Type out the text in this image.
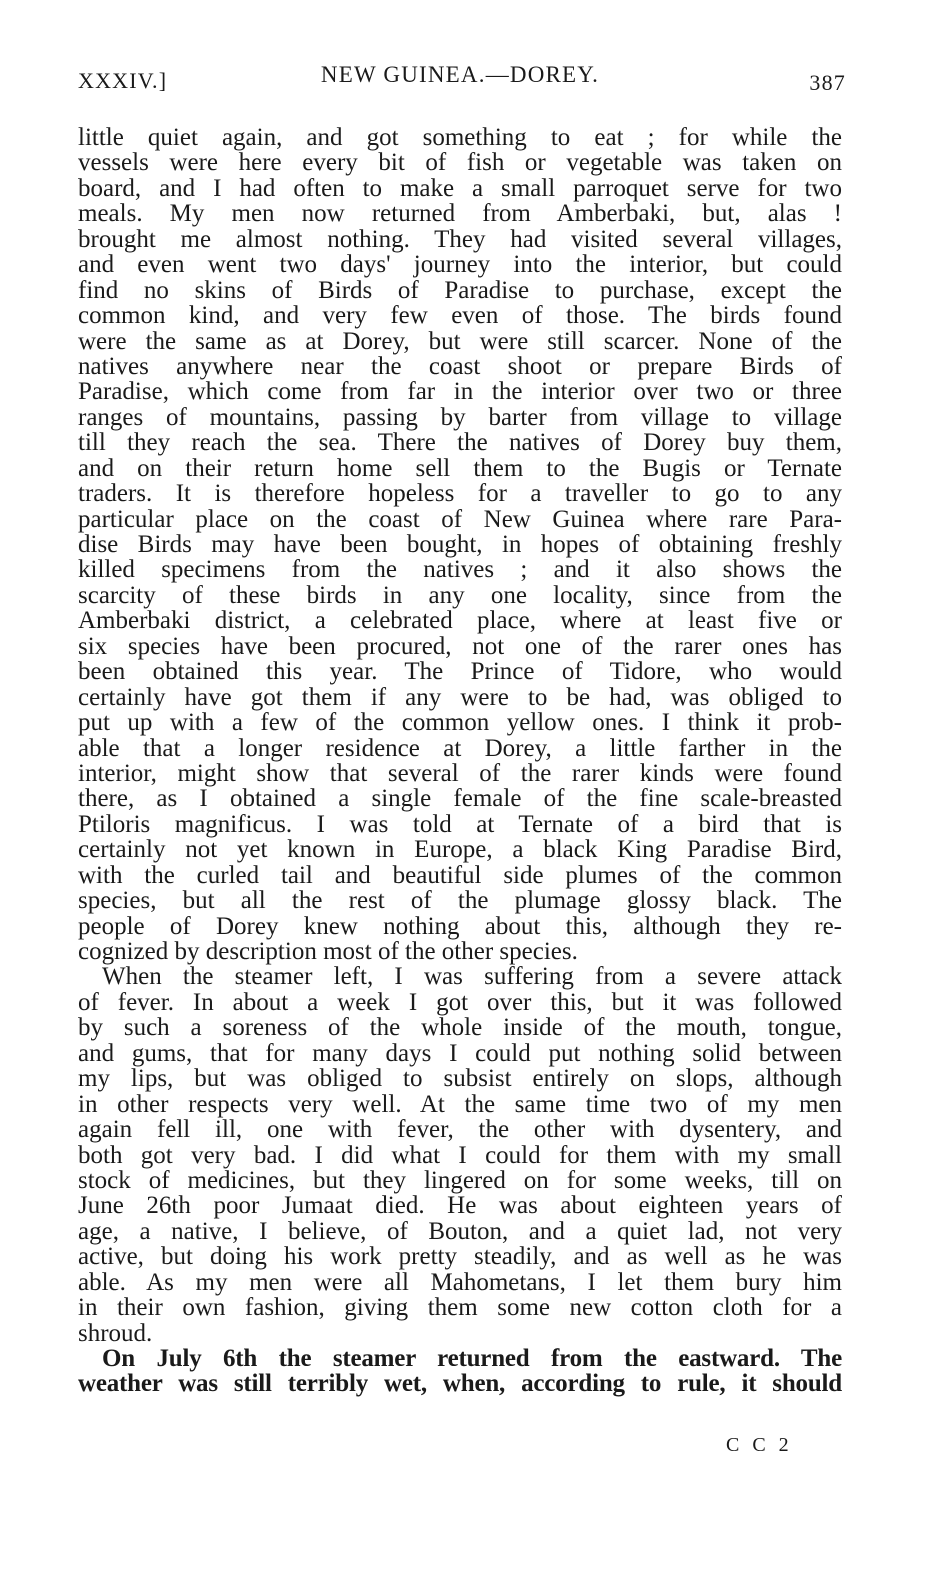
XXXIV.]	NEW GUINEA.—DOREY.	387
little quiet again, and got something to eat ; for while the
vessels were here every bit of fish or vegetable was taken on
board, and I had often to make a small parroquet serve for two
meals. My men now returned from Amberbaki, but, alas !
brought me almost nothing. They had visited several villages,
and even went two days' journey into the interior, but could
find no skins of Birds of Paradise to purchase, except the
common kind, and very few even of those. The birds found
were the same as at Dorey, but were still scarcer. None of the
natives anywhere near the coast shoot or prepare Birds of
Paradise, which come from far in the interior over two or three
ranges of mountains, passing by barter from village to village
till they reach the sea. There the natives of Dorey buy them,
and on their return home sell them to the Bugis or Ternate
traders. It is therefore hopeless for a traveller to go to any
particular place on the coast of New Guinea where rare Para-
dise Birds may have been bought, in hopes of obtaining freshly
killed specimens from the natives ; and it also shows the
scarcity of these birds in any one locality, since from the
Amberbaki district, a celebrated place, where at least five or
six species have been procured, not one of the rarer ones has
been obtained this year. The Prince of Tidore, who would
certainly have got them if any were to be had, was obliged to
put up with a few of the common yellow ones. I think it prob-
able that a longer residence at Dorey, a little farther in the
interior, might show that several of the rarer kinds were found
there, as I obtained a single female of the fine scale-breasted
Ptiloris magnificus. I was told at Ternate of a bird that is
certainly not yet known in Europe, a black King Paradise Bird,
with the curled tail and beautiful side plumes of the common
species, but all the rest of the plumage glossy black. The
people of Dorey knew nothing about this, although they re-
cognized by description most of the other species.
When the steamer left, I was suffering from a severe attack
of fever. In about a week I got over this, but it was followed
by such a soreness of the whole inside of the mouth, tongue,
and gums, that for many days I could put nothing solid between
my lips, but was obliged to subsist entirely on slops, although
in other respects very well. At the same time two of my men
again fell ill, one with fever, the other with dysentery, and
both got very bad. I did what I could for them with my small
stock of medicines, but they lingered on for some weeks, till on
June 26th poor Jumaat died. He was about eighteen years of
age, a native, I believe, of Bouton, and a quiet lad, not very
active, but doing his work pretty steadily, and as well as he was
able. As my men were all Mahometans, I let them bury him
in their own fashion, giving them some new cotton cloth for a
shroud.
On July 6th the steamer returned from the eastward. The
weather was still terribly wet, when, according to rule, it should
C C 2
